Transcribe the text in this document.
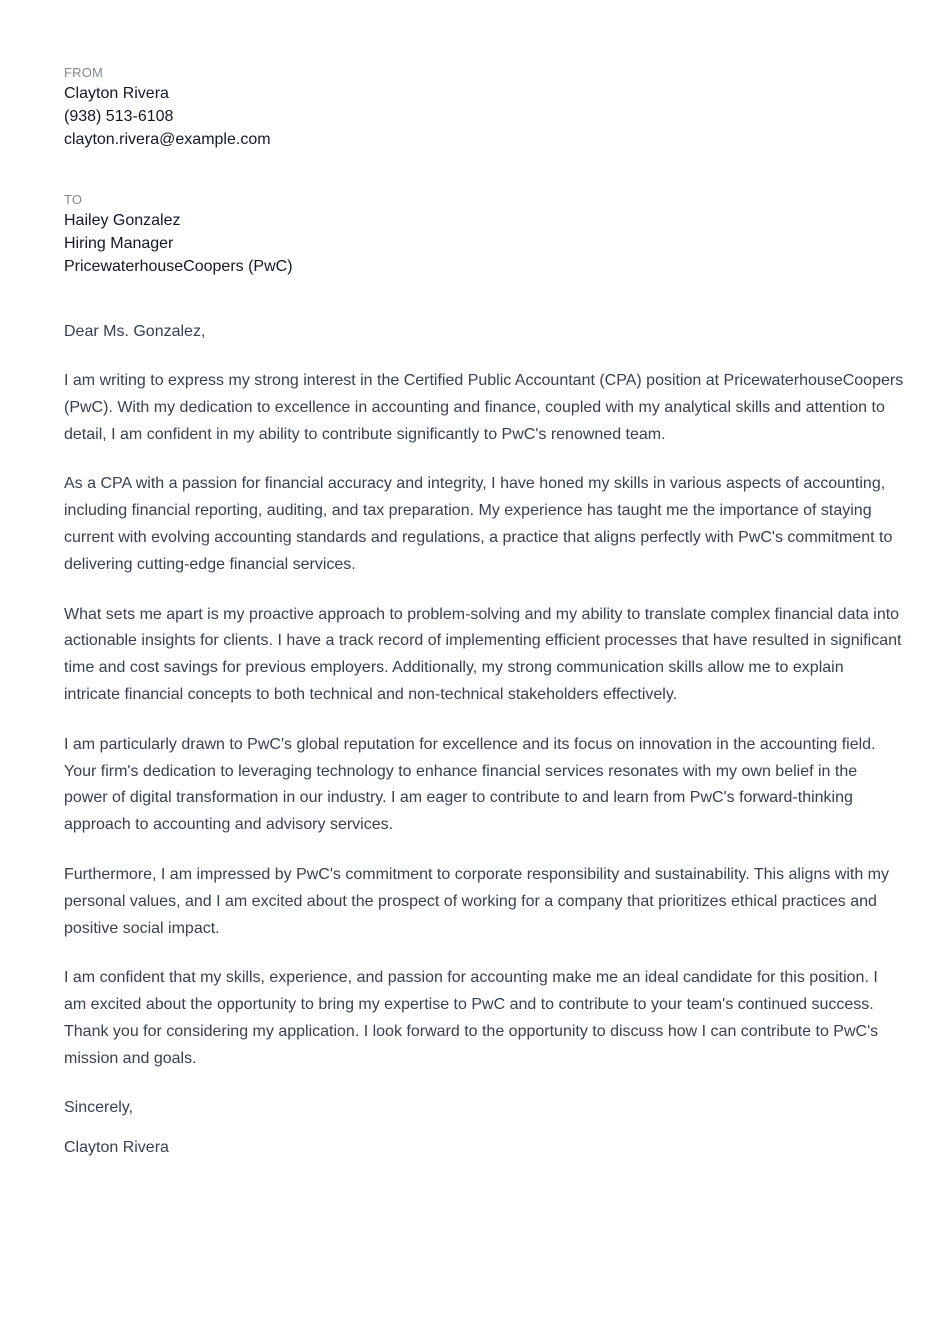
FROM

Clayton Rivera

(938) 513-6108

clayton.rivera@example.com

TO

Hailey Gonzalez

Hiring Manager

PricewaterhouseCoopers (PwC)

Dear Ms. Gonzalez,

I am writing to express my strong interest in the Certified Public Accountant (CPA) position at PricewaterhouseCoopers (PwC). With my dedication to excellence in accounting and finance, coupled with my analytical skills and attention to detail, I am confident in my ability to contribute significantly to PwC's renowned team.

As a CPA with a passion for financial accuracy and integrity, I have honed my skills in various aspects of accounting, including financial reporting, auditing, and tax preparation. My experience has taught me the importance of staying current with evolving accounting standards and regulations, a practice that aligns perfectly with PwC's commitment to delivering cutting-edge financial services.

What sets me apart is my proactive approach to problem-solving and my ability to translate complex financial data into actionable insights for clients. I have a track record of implementing efficient processes that have resulted in significant time and cost savings for previous employers. Additionally, my strong communication skills allow me to explain intricate financial concepts to both technical and non-technical stakeholders effectively.

I am particularly drawn to PwC's global reputation for excellence and its focus on innovation in the accounting field. Your firm's dedication to leveraging technology to enhance financial services resonates with my own belief in the power of digital transformation in our industry. I am eager to contribute to and learn from PwC's forward-thinking approach to accounting and advisory services.

Furthermore, I am impressed by PwC's commitment to corporate responsibility and sustainability. This aligns with my personal values, and I am excited about the prospect of working for a company that prioritizes ethical practices and positive social impact.

I am confident that my skills, experience, and passion for accounting make me an ideal candidate for this position. I am excited about the opportunity to bring my expertise to PwC and to contribute to your team's continued success. Thank you for considering my application. I look forward to the opportunity to discuss how I can contribute to PwC's mission and goals.

Sincerely,

Clayton Rivera
